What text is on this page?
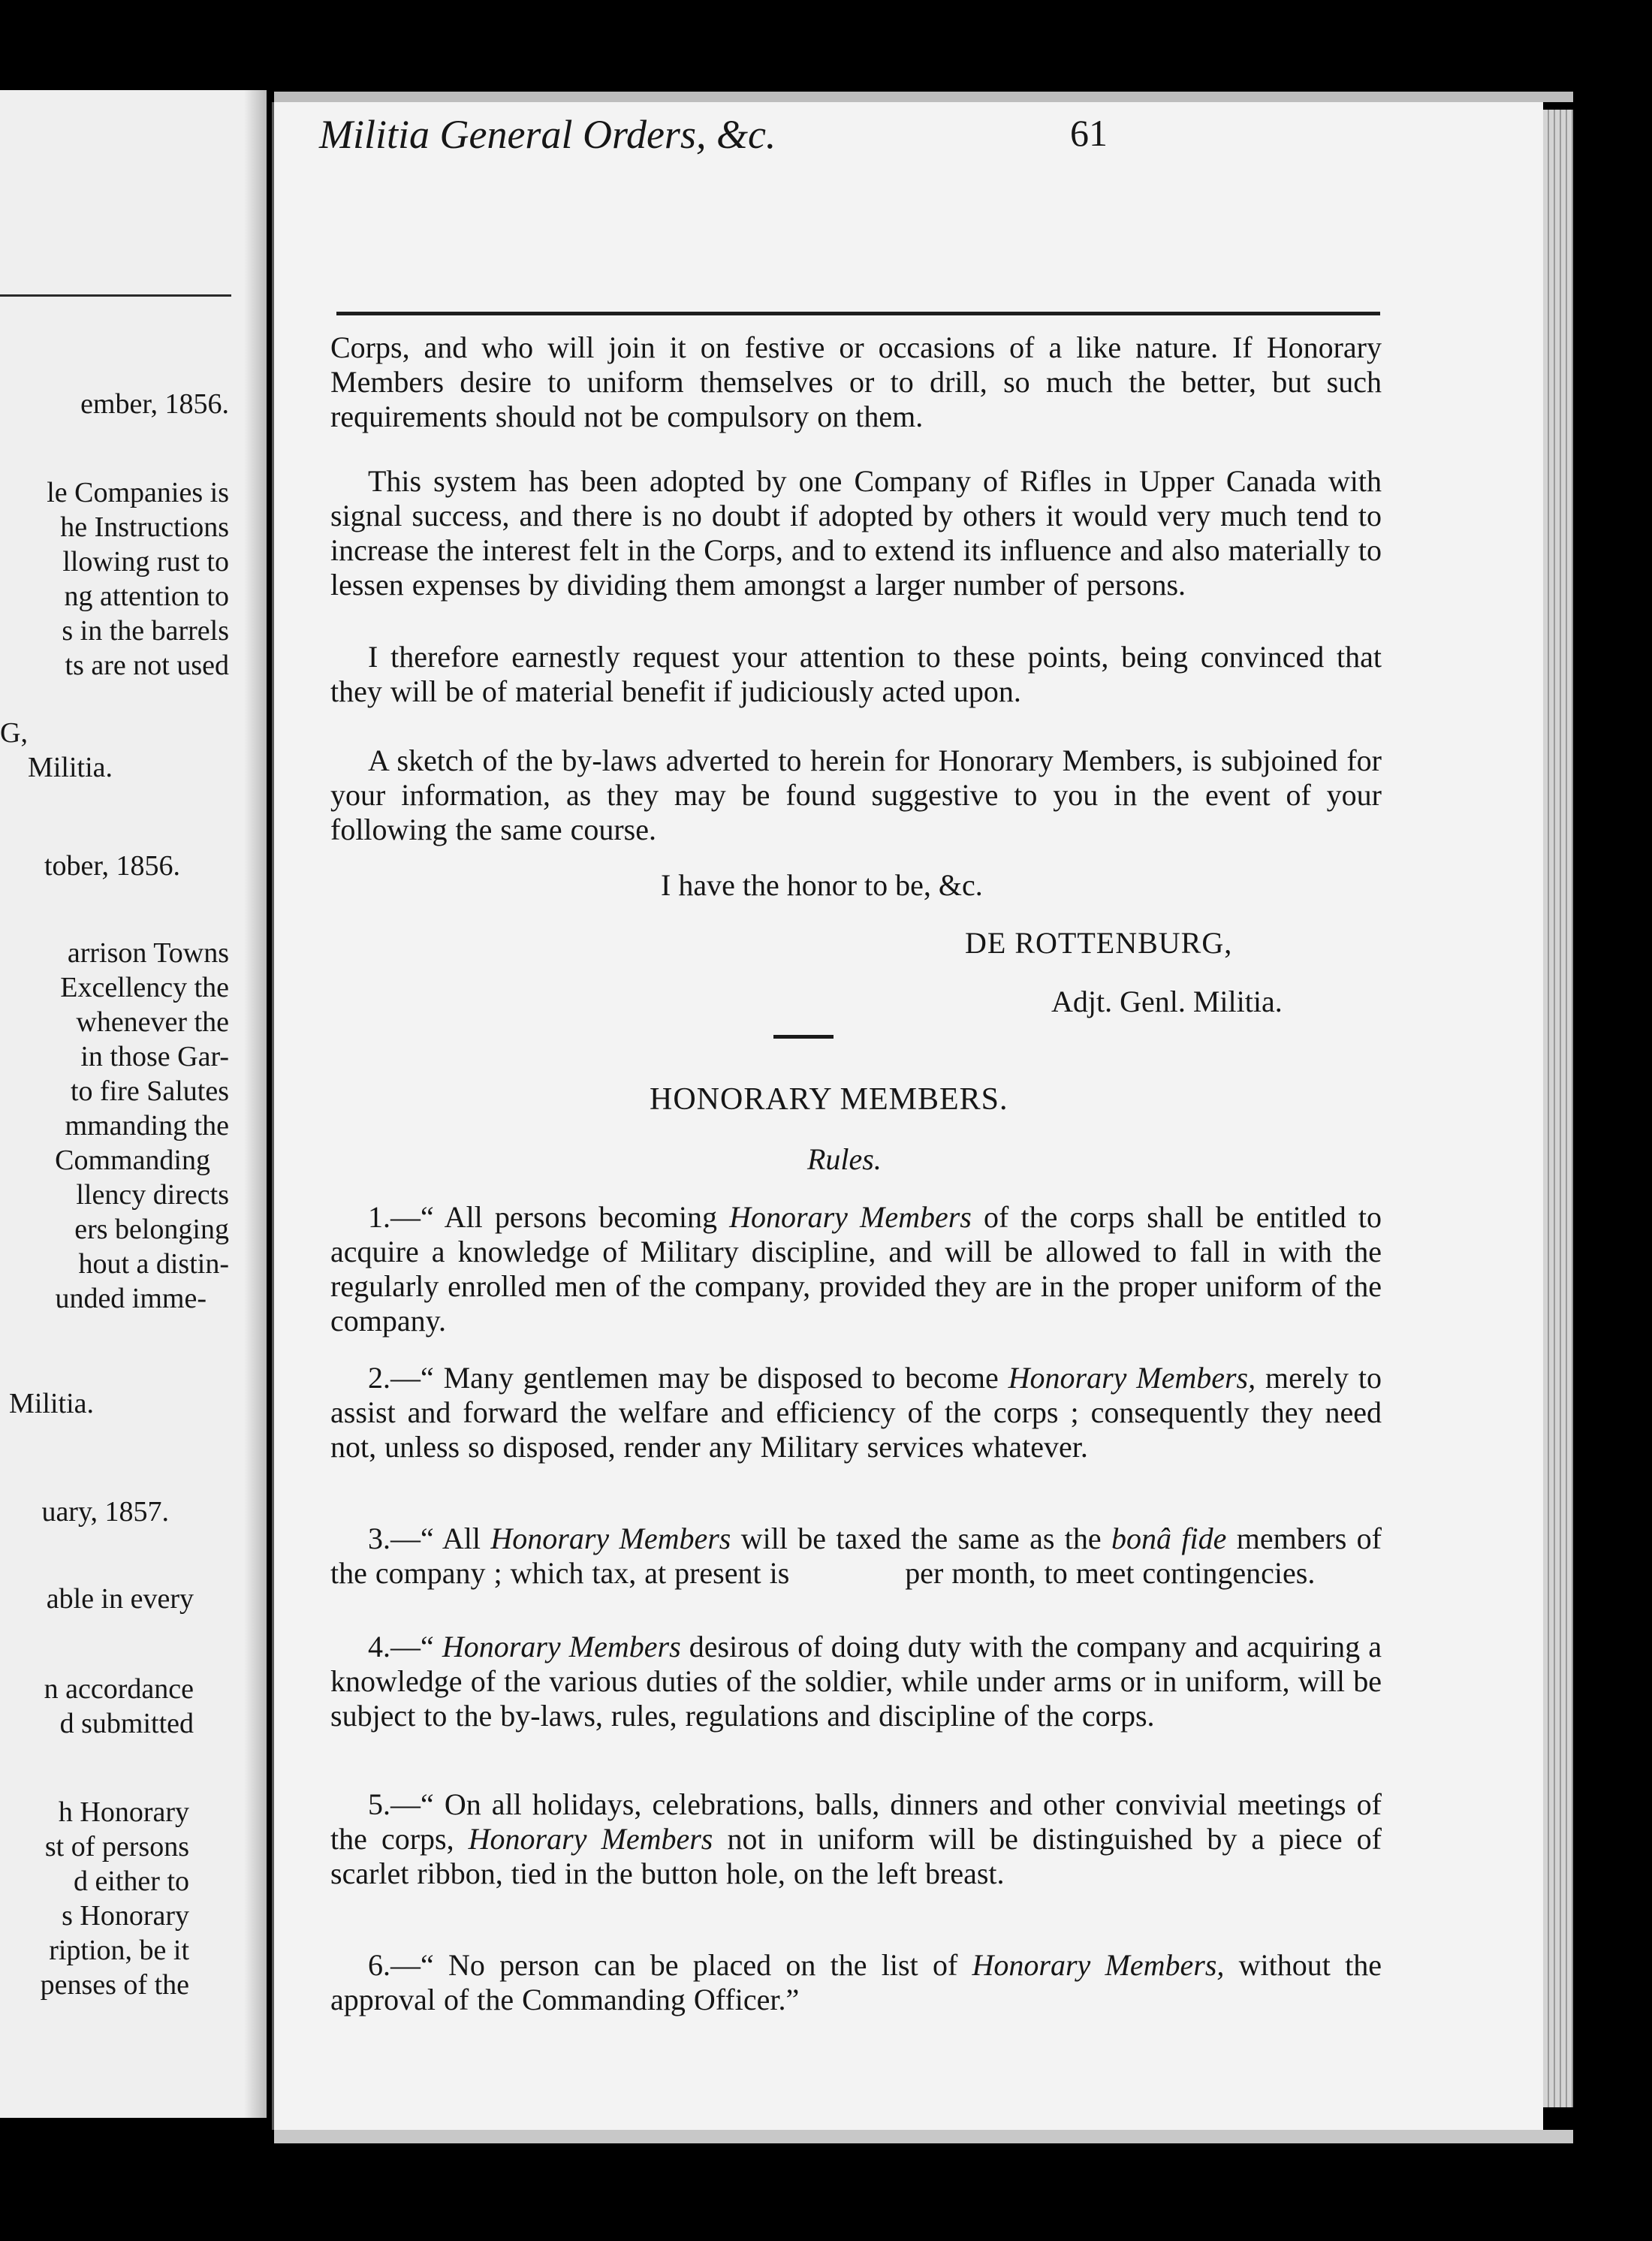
ember, 1856.
le Companies is
he Instructions
llowing rust to
ng attention to
s in the barrels
ts are not used
G,
Militia.
tober, 1856.
arrison Towns
Excellency the
whenever the
in those Gar-
to fire Salutes
mmanding the
Commanding
llency directs
ers belonging
hout a distin-
unded imme-
Militia.
uary, 1857.
able in every
n accordance
d submitted
h Honorary
st of persons
d either to
s Honorary
ription, be it
penses of the
Militia General Orders, &c.	61

Corps, and who will join it on festive or occasions of a like nature. If Honorary Members desire to uniform themselves or to drill, so much the better, but such requirements should not be compulsory on them.

This system has been adopted by one Company of Rifles in Upper Canada with signal success, and there is no doubt if adopted by others it would very much tend to increase the interest felt in the Corps, and to extend its influence and also materially to lessen expenses by dividing them amongst a larger number of persons.

I therefore earnestly request your attention to these points, being convinced that they will be of material benefit if judiciously acted upon.

A sketch of the by-laws adverted to herein for Honorary Members, is subjoined for your information, as they may be found suggestive to you in the event of your following the same course.

I have the honor to be, &c.
DE ROTTENBURG,
Adjt. Genl. Militia.
HONORARY MEMBERS.
Rules.

1.—“ All persons becoming Honorary Members of the corps shall be entitled to acquire a knowledge of Military discipline, and will be allowed to fall in with the regularly enrolled men of the company, provided they are in the proper uniform of the company.

2.—“ Many gentlemen may be disposed to become Honorary Members, merely to assist and forward the welfare and efficiency of the corps ; consequently they need not, unless so disposed, render any Military services whatever.

3.—“ All Honorary Members will be taxed the same as the bonâ fide members of the company ; which tax, at present is              per month, to meet contingencies.

4.—“ Honorary Members desirous of doing duty with the company and acquiring a knowledge of the various duties of the soldier, while under arms or in uniform, will be subject to the by-laws, rules, regulations and discipline of the corps.

5.—“ On all holidays, celebrations, balls, dinners and other convivial meetings of the corps, Honorary Members not in uniform will be distinguished by a piece of scarlet ribbon, tied in the button hole, on the left breast.

6.—“ No person can be placed on the list of Honorary Members, without the approval of the Commanding Officer.”
